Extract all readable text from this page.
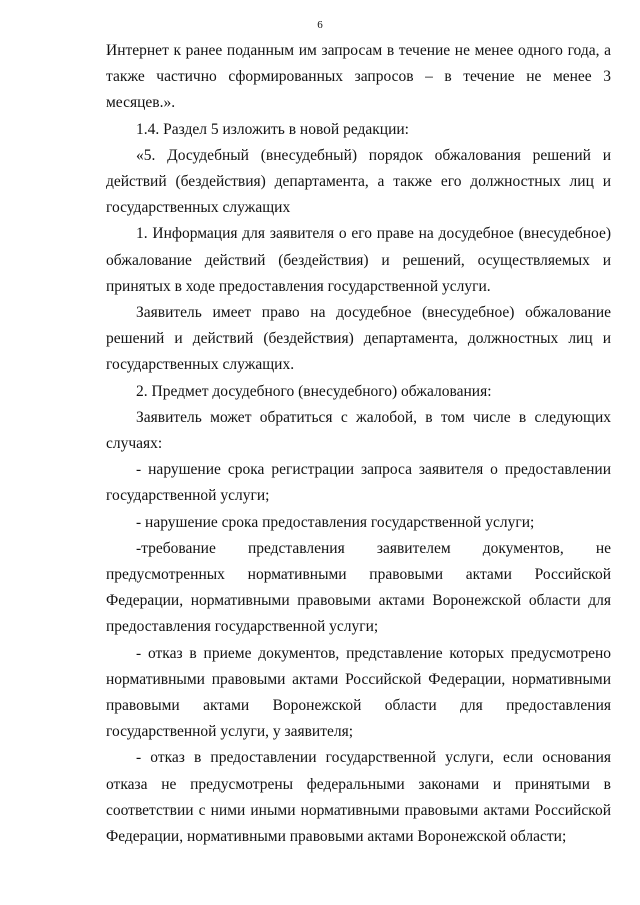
6

Интернет к ранее поданным им запросам в течение не менее одного года, а также частично сформированных запросов – в течение не менее 3 месяцев.».

1.4. Раздел 5 изложить в новой редакции:

«5. Досудебный (внесудебный) порядок обжалования решений и действий (бездействия) департамента, а также его должностных лиц и государственных служащих

1. Информация для заявителя о его праве на досудебное (внесудебное) обжалование действий (бездействия) и решений, осуществляемых и принятых в ходе предоставления государственной услуги.

Заявитель имеет право на досудебное (внесудебное) обжалование решений и действий (бездействия) департамента, должностных лиц и государственных служащих.

2. Предмет досудебного (внесудебного) обжалования:

Заявитель может обратиться с жалобой, в том числе в следующих случаях:

- нарушение срока регистрации запроса заявителя о предоставлении государственной услуги;

- нарушение срока предоставления государственной услуги;

-требование представления заявителем документов, не предусмотренных нормативными правовыми актами Российской Федерации, нормативными правовыми актами Воронежской области для предоставления государственной услуги;

- отказ в приеме документов, представление которых предусмотрено нормативными правовыми актами Российской Федерации, нормативными правовыми актами Воронежской области для предоставления государственной услуги, у заявителя;

- отказ в предоставлении государственной услуги, если основания отказа не предусмотрены федеральными законами и принятыми в соответствии с ними иными нормативными правовыми актами Российской Федерации, нормативными правовыми актами Воронежской области;
